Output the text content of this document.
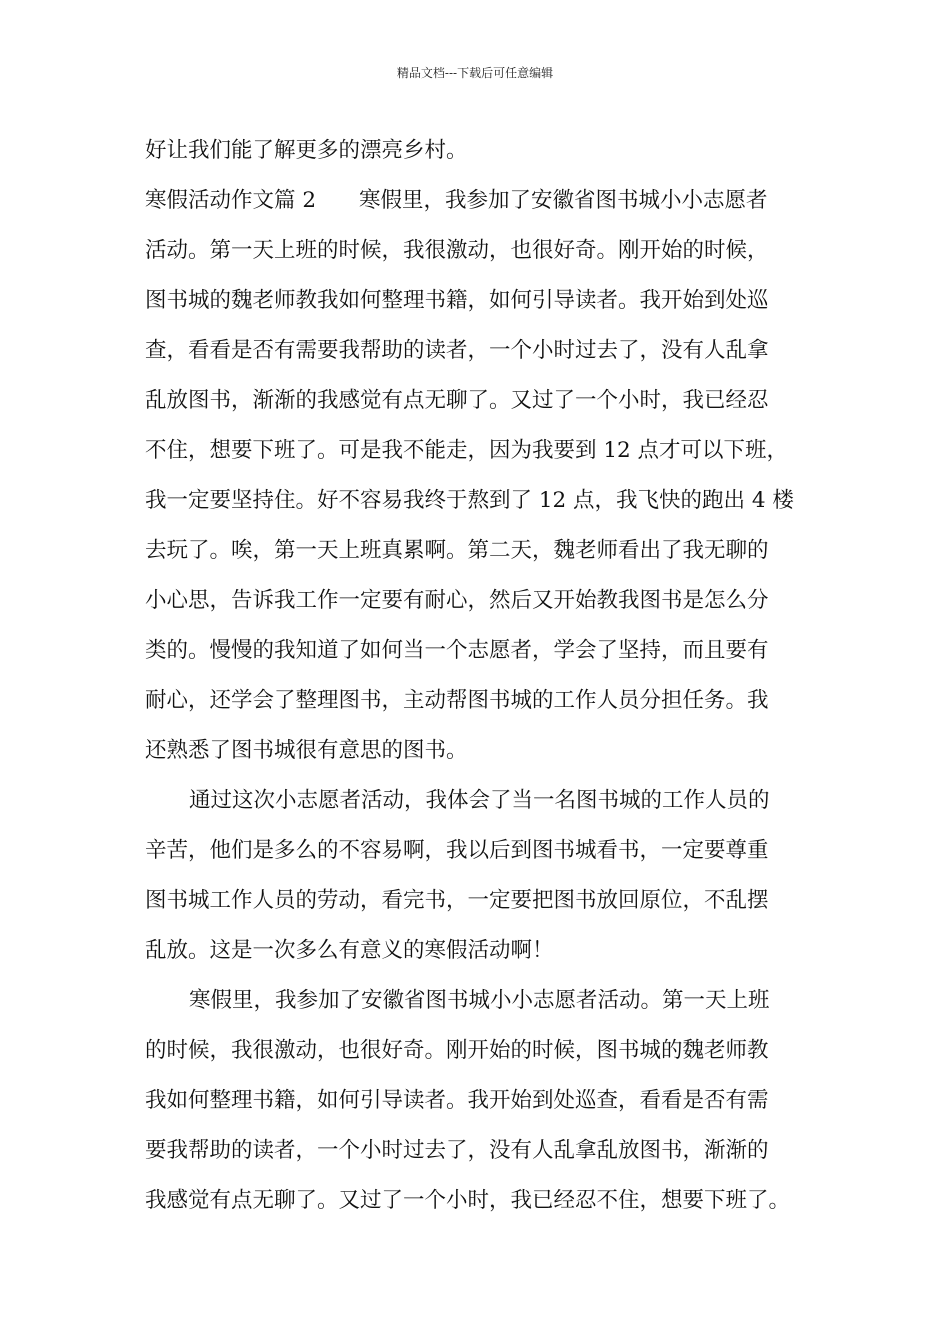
精品文档---下载后可任意编辑
好让我们能了解更多的漂亮乡村。
寒假活动作文篇 2　　寒假里，我参加了安徽省图书城小小志愿者
活动。第一天上班的时候，我很激动，也很好奇。刚开始的时候，
图书城的魏老师教我如何整理书籍，如何引导读者。我开始到处巡
查，看看是否有需要我帮助的读者，一个小时过去了，没有人乱拿
乱放图书，渐渐的我感觉有点无聊了。又过了一个小时，我已经忍
不住，想要下班了。可是我不能走，因为我要到 12 点才可以下班，
我一定要坚持住。好不容易我终于熬到了 12 点，我飞快的跑出 4 楼
去玩了。唉，第一天上班真累啊。第二天，魏老师看出了我无聊的
小心思，告诉我工作一定要有耐心，然后又开始教我图书是怎么分
类的。慢慢的我知道了如何当一个志愿者，学会了坚持，而且要有
耐心，还学会了整理图书，主动帮图书城的工作人员分担任务。我
还熟悉了图书城很有意思的图书。
通过这次小志愿者活动，我体会了当一名图书城的工作人员的
辛苦，他们是多么的不容易啊，我以后到图书城看书，一定要尊重
图书城工作人员的劳动，看完书，一定要把图书放回原位，不乱摆
乱放。这是一次多么有意义的寒假活动啊！
寒假里，我参加了安徽省图书城小小志愿者活动。第一天上班
的时候，我很激动，也很好奇。刚开始的时候，图书城的魏老师教
我如何整理书籍，如何引导读者。我开始到处巡查，看看是否有需
要我帮助的读者，一个小时过去了，没有人乱拿乱放图书，渐渐的
我感觉有点无聊了。又过了一个小时，我已经忍不住，想要下班了。
